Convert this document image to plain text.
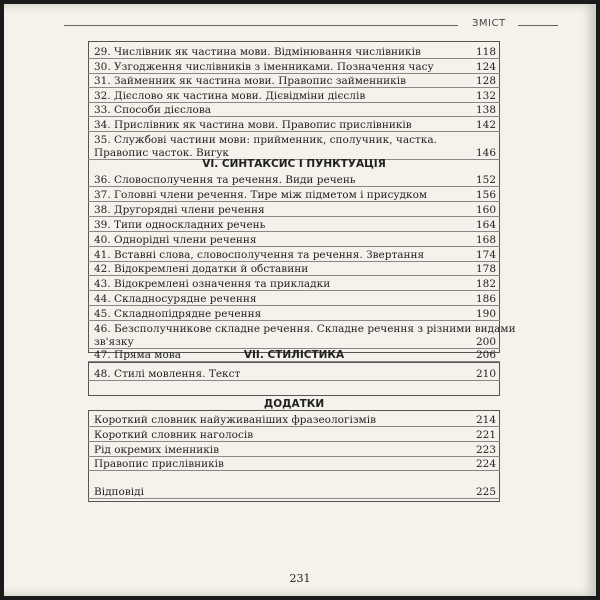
ЗМІСТ
29. Числівник як частина мови. Відмінювання числівників	118
30. Узгодження числівників з іменниками. Позначення часу	124
31. Займенник як частина мови. Правопис займенників	128
32. Дієслово як частина мови. Дієвідміни дієслів	132
33. Способи дієслова	138
34. Прислівник як частина мови. Правопис прислівників	142
35. Службові частини мови: прийменник, сполучник, частка.
Правопис часток. Вигук	146
VI. СИНТАКСИС І ПУНКТУАЦІЯ
36. Словосполучення та речення. Види речень	152
37. Головні члени речення. Тире між підметом і присудком	156
38. Другорядні члени речення	160
39. Типи односкладних речень	164
40. Однорідні члени речення	168
41. Вставні слова, словосполучення та речення. Звертання	174
42. Відокремлені додатки й обставини	178
43. Відокремлені означення та прикладки	182
44. Складносурядне речення	186
45. Складнопідрядне речення	190
46. Безсполучникове складне речення. Складне речення з різними видами
зв'язку	200
47. Пряма мова	206
VII. СТИЛІСТИКА
48. Стилі мовлення. Текст	210
ДОДАТКИ
Короткий словник найуживаніших фразеологізмів	214
Короткий словник наголосів	221
Рід окремих іменників	223
Правопис прислівників	224
Відповіді	225
231
